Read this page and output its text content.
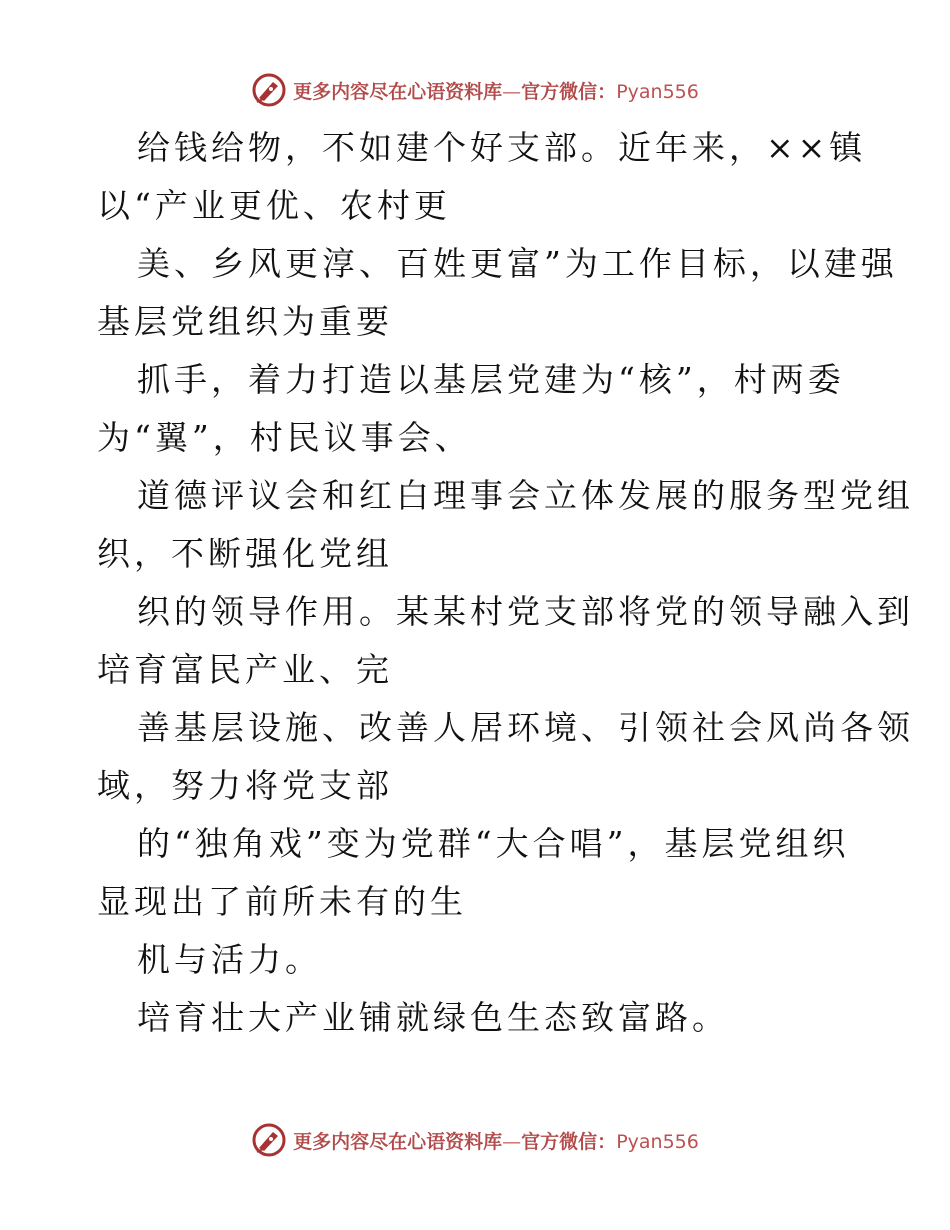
更多内容尽在心语资料库—官方微信：Pyan556
给钱给物，不如建个好支部。近年来，××镇
以“产业更优、农村更
美、乡风更淳、百姓更富”为工作目标，以建强
基层党组织为重要
抓手，着力打造以基层党建为“核”，村两委
为“翼”，村民议事会、
道德评议会和红白理事会立体发展的服务型党组
织，不断强化党组
织的领导作用。某某村党支部将党的领导融入到
培育富民产业、完
善基层设施、改善人居环境、引领社会风尚各领
域，努力将党支部
的“独角戏”变为党群“大合唱”，基层党组织
显现出了前所未有的生
机与活力。
培育壮大产业铺就绿色生态致富路。
更多内容尽在心语资料库—官方微信：Pyan556
